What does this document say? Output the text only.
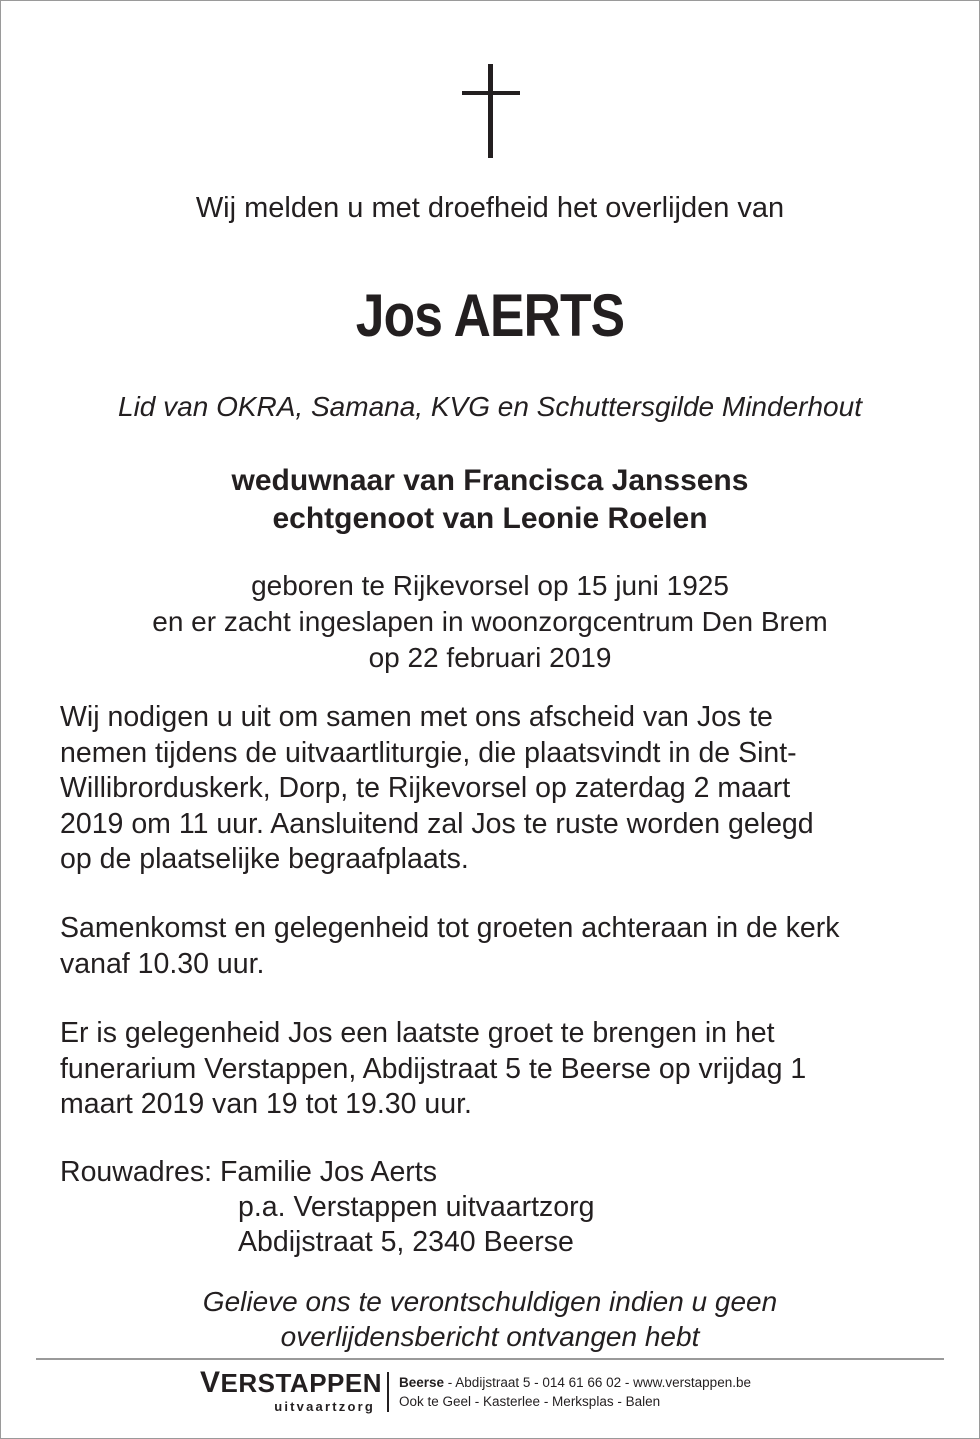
Wij melden u met droefheid het overlijden van
Jos AERTS
Lid van OKRA, Samana, KVG en Schuttersgilde Minderhout
weduwnaar van Francisca Janssens
echtgenoot van Leonie Roelen
geboren te Rijkevorsel op 15 juni 1925
en er zacht ingeslapen in woonzorgcentrum Den Brem
op 22 februari 2019
Wij nodigen u uit om samen met ons afscheid van Jos te
nemen tijdens de uitvaartliturgie, die plaatsvindt in de Sint-
Willibrorduskerk, Dorp, te Rijkevorsel op zaterdag 2 maart
2019 om 11 uur. Aansluitend zal Jos te ruste worden gelegd
op de plaatselijke begraafplaats.
Samenkomst en gelegenheid tot groeten achteraan in de kerk
vanaf 10.30 uur.
Er is gelegenheid Jos een laatste groet te brengen in het
funerarium Verstappen, Abdijstraat 5 te Beerse op vrijdag 1
maart 2019 van 19 tot 19.30 uur.
Rouwadres: Familie Jos Aerts
p.a. Verstappen uitvaartzorg
Abdijstraat 5, 2340 Beerse
Gelieve ons te verontschuldigen indien u geen
overlijdensbericht ontvangen hebt
VERSTAPPEN
uitvaartzorg
Beerse - Abdijstraat 5 - 014 61 66 02 - www.verstappen.be
Ook te Geel - Kasterlee - Merksplas - Balen
